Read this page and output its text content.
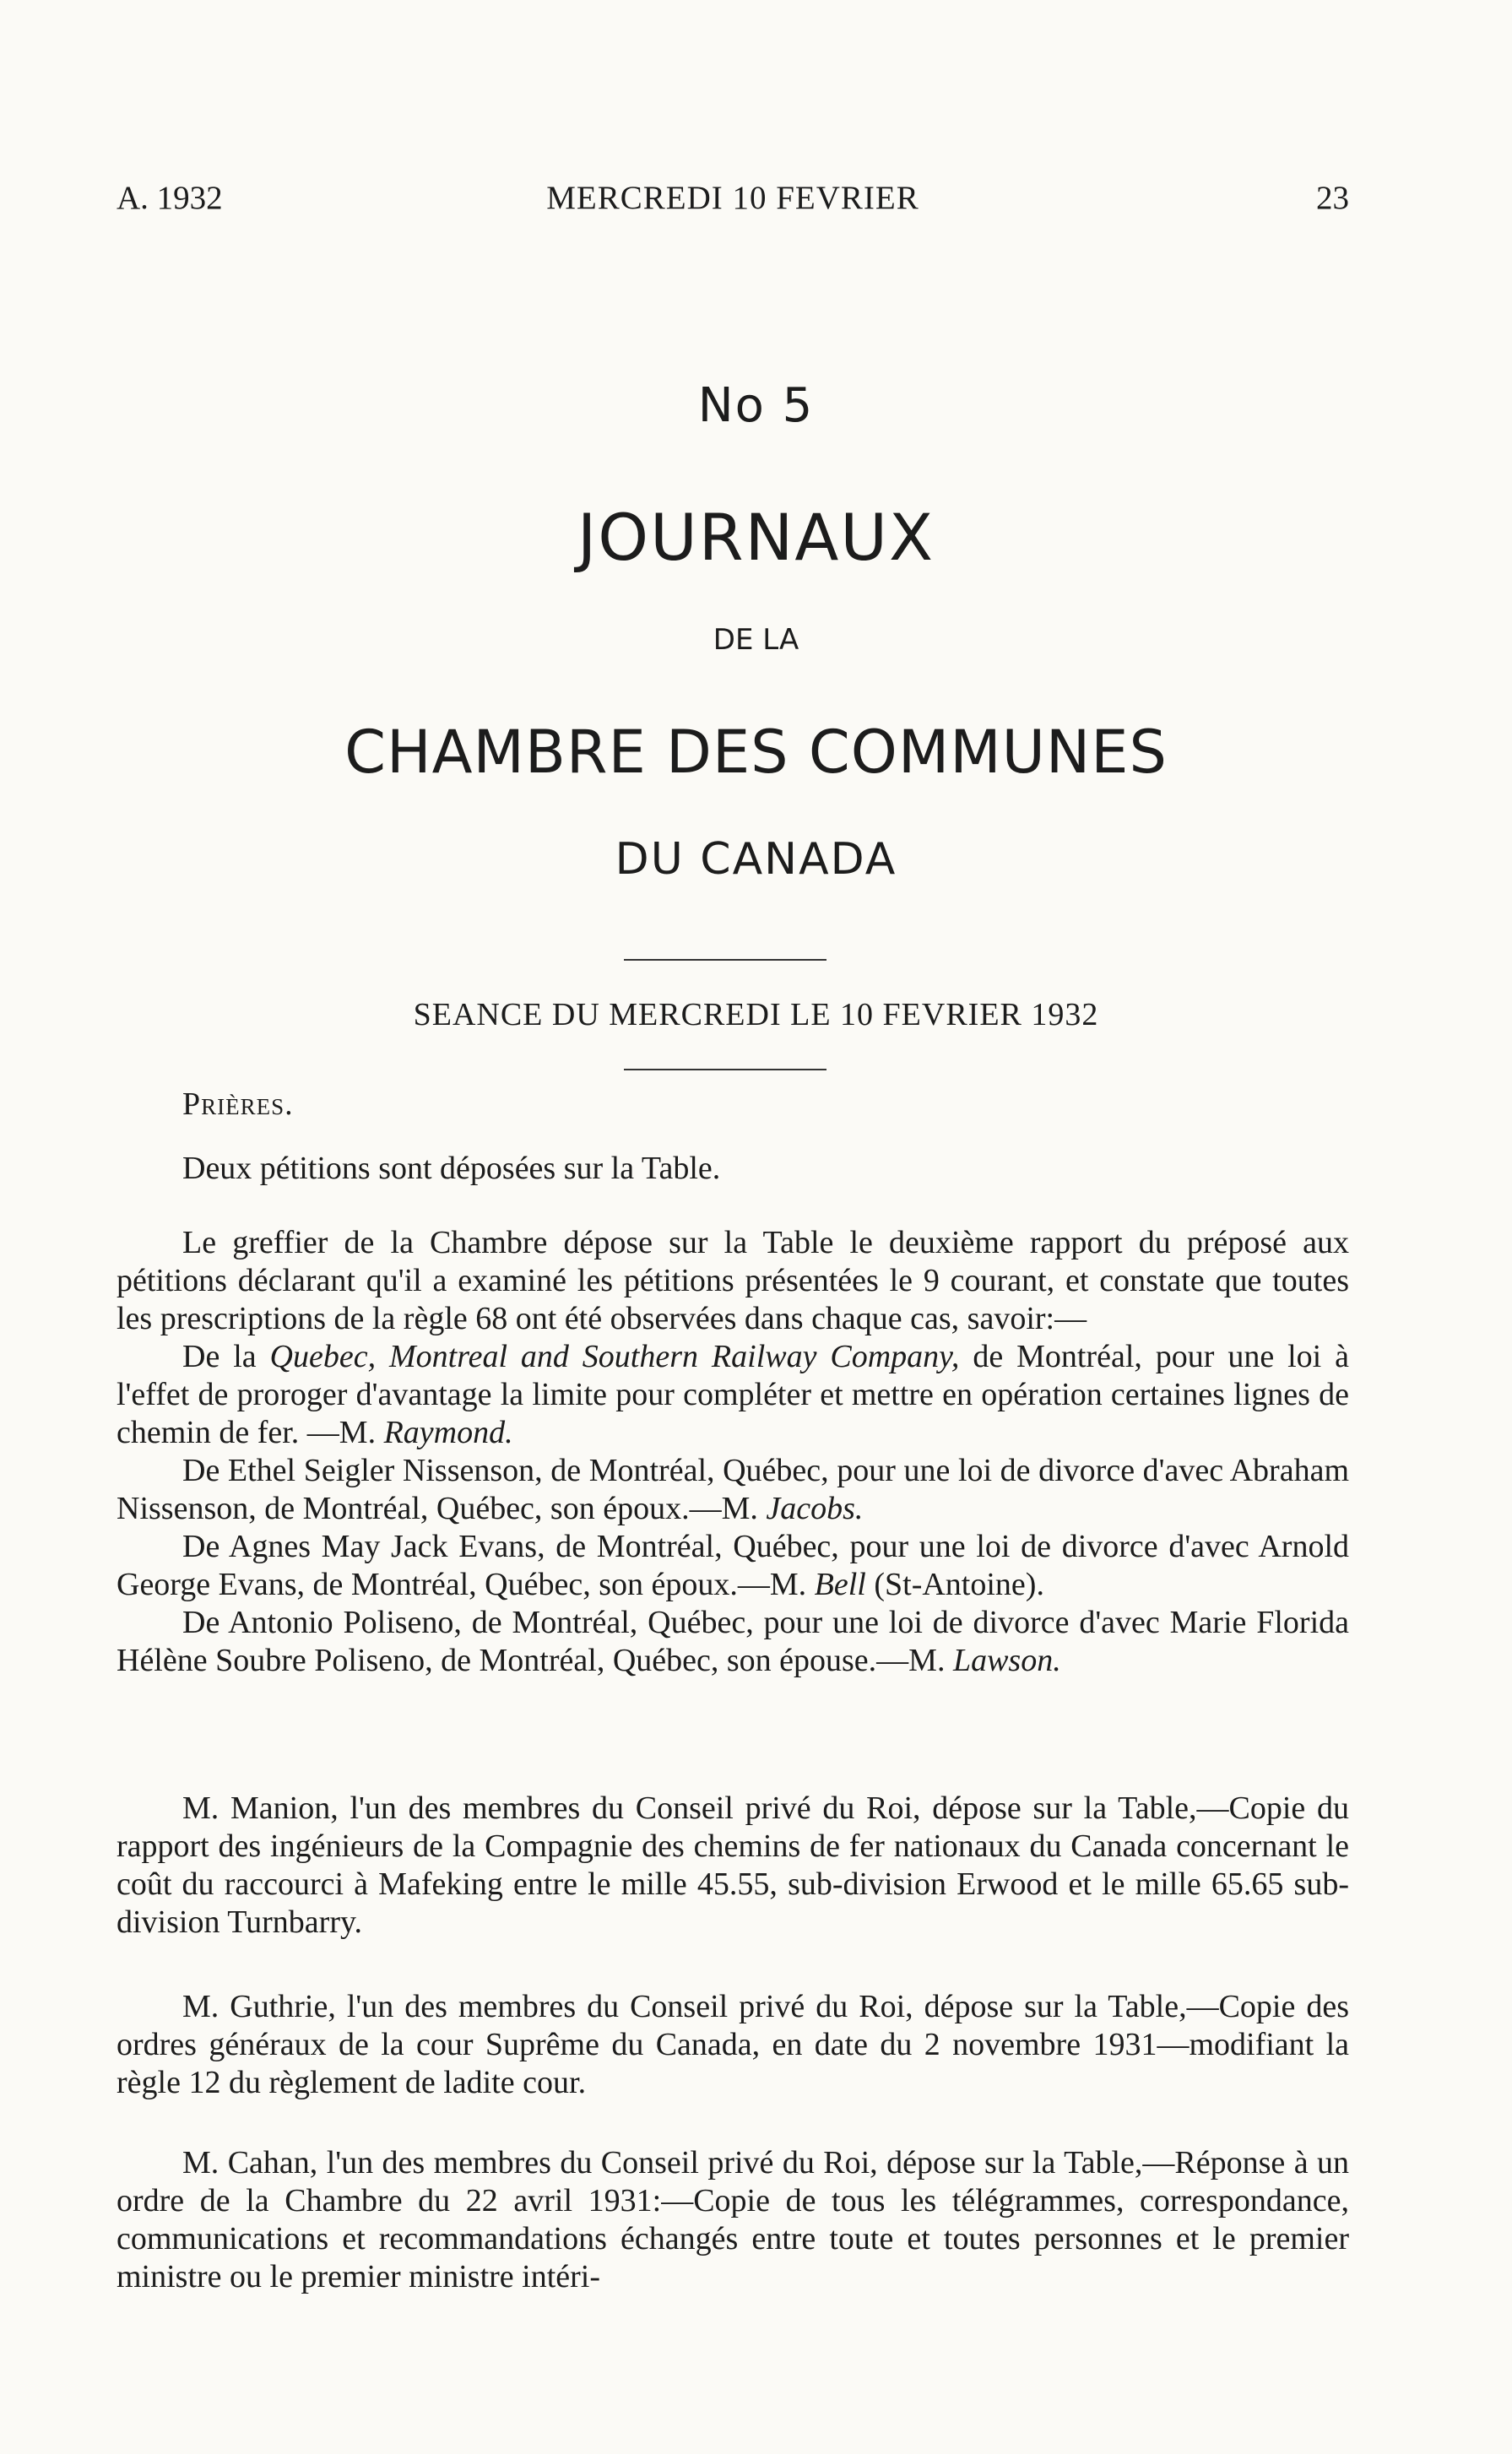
A. 1932	MERCREDI 10 FEVRIER	23
No 5
JOURNAUX
DE LA
CHAMBRE DES COMMUNES
DU CANADA
SEANCE DU MERCREDI LE 10 FEVRIER 1932
Prières.
Deux pétitions sont déposées sur la Table.

Le greffier de la Chambre dépose sur la Table le deuxième rapport du préposé aux pétitions déclarant qu'il a examiné les pétitions présentées le 9 courant, et constate que toutes les prescriptions de la règle 68 ont été observées dans chaque cas, savoir:—

De la Quebec, Montreal and Southern Railway Company, de Montréal, pour une loi à l'effet de proroger d'avantage la limite pour compléter et mettre en opération certaines lignes de chemin de fer. —M. Raymond.

De Ethel Seigler Nissenson, de Montréal, Québec, pour une loi de divorce d'avec Abraham Nissenson, de Montréal, Québec, son époux.—M. Jacobs.

De Agnes May Jack Evans, de Montréal, Québec, pour une loi de divorce d'avec Arnold George Evans, de Montréal, Québec, son époux.—M. Bell (St-Antoine).

De Antonio Poliseno, de Montréal, Québec, pour une loi de divorce d'avec Marie Florida Hélène Soubre Poliseno, de Montréal, Québec, son épouse.—M. Lawson.

M. Manion, l'un des membres du Conseil privé du Roi, dépose sur la Table,—Copie du rapport des ingénieurs de la Compagnie des chemins de fer nationaux du Canada concernant le coût du raccourci à Mafeking entre le mille 45.55, sub-division Erwood et le mille 65.65 sub-division Turnbarry.
M. Guthrie, l'un des membres du Conseil privé du Roi, dépose sur la Table,—Copie des ordres généraux de la cour Suprême du Canada, en date du 2 novembre 1931—modifiant la règle 12 du règlement de ladite cour.
M. Cahan, l'un des membres du Conseil privé du Roi, dépose sur la Table,—Réponse à un ordre de la Chambre du 22 avril 1931:—Copie de tous les télégrammes, correspondance, communications et recommandations échangés entre toute et toutes personnes et le premier ministre ou le premier ministre intéri-
